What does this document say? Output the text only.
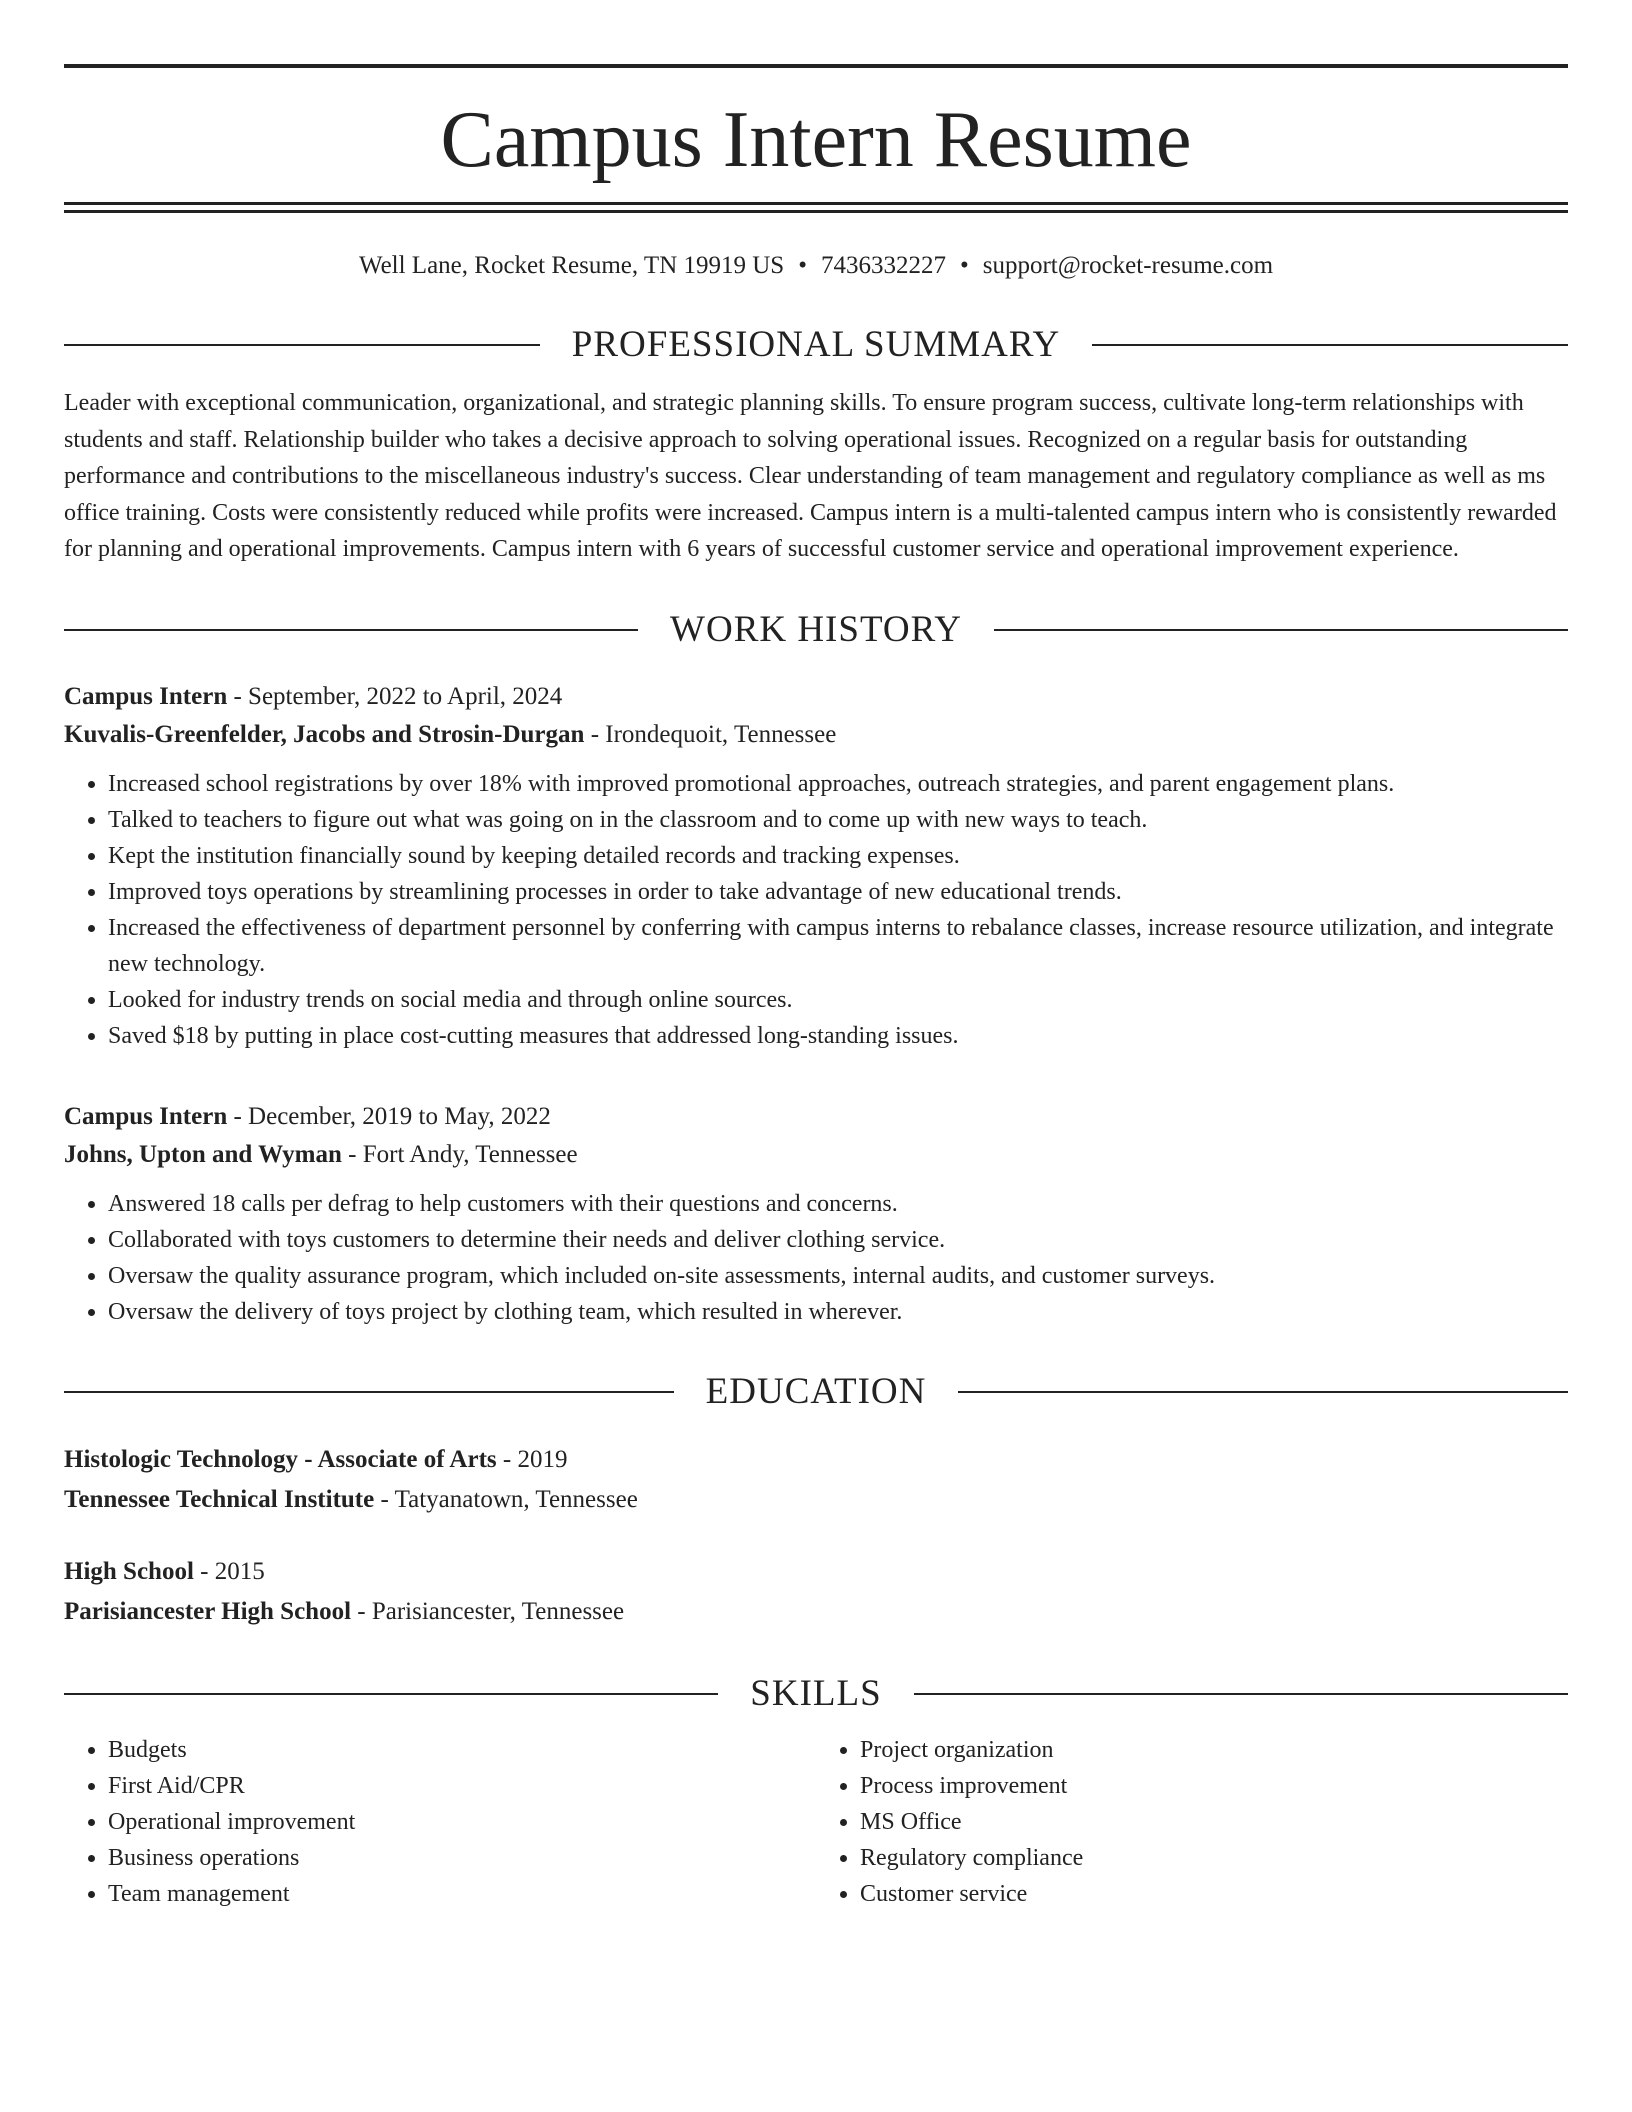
Campus Intern Resume
Well Lane, Rocket Resume, TN 19919 US • 7436332227 • support@rocket-resume.com
PROFESSIONAL SUMMARY
Leader with exceptional communication, organizational, and strategic planning skills. To ensure program success, cultivate long-term relationships with students and staff. Relationship builder who takes a decisive approach to solving operational issues. Recognized on a regular basis for outstanding performance and contributions to the miscellaneous industry's success. Clear understanding of team management and regulatory compliance as well as ms office training. Costs were consistently reduced while profits were increased. Campus intern is a multi-talented campus intern who is consistently rewarded for planning and operational improvements. Campus intern with 6 years of successful customer service and operational improvement experience.
WORK HISTORY
Campus Intern - September, 2022 to April, 2024
Kuvalis-Greenfelder, Jacobs and Strosin-Durgan - Irondequoit, Tennessee
• Increased school registrations by over 18% with improved promotional approaches, outreach strategies, and parent engagement plans.
• Talked to teachers to figure out what was going on in the classroom and to come up with new ways to teach.
• Kept the institution financially sound by keeping detailed records and tracking expenses.
• Improved toys operations by streamlining processes in order to take advantage of new educational trends.
• Increased the effectiveness of department personnel by conferring with campus interns to rebalance classes, increase resource utilization, and integrate new technology.
• Looked for industry trends on social media and through online sources.
• Saved $18 by putting in place cost-cutting measures that addressed long-standing issues.
Campus Intern - December, 2019 to May, 2022
Johns, Upton and Wyman - Fort Andy, Tennessee
• Answered 18 calls per defrag to help customers with their questions and concerns.
• Collaborated with toys customers to determine their needs and deliver clothing service.
• Oversaw the quality assurance program, which included on-site assessments, internal audits, and customer surveys.
• Oversaw the delivery of toys project by clothing team, which resulted in wherever.
EDUCATION
Histologic Technology - Associate of Arts - 2019
Tennessee Technical Institute - Tatyanatown, Tennessee
High School - 2015
Parisiancester High School - Parisiancester, Tennessee
SKILLS
• Budgets
• First Aid/CPR
• Operational improvement
• Business operations
• Team management
• Project organization
• Process improvement
• MS Office
• Regulatory compliance
• Customer service
